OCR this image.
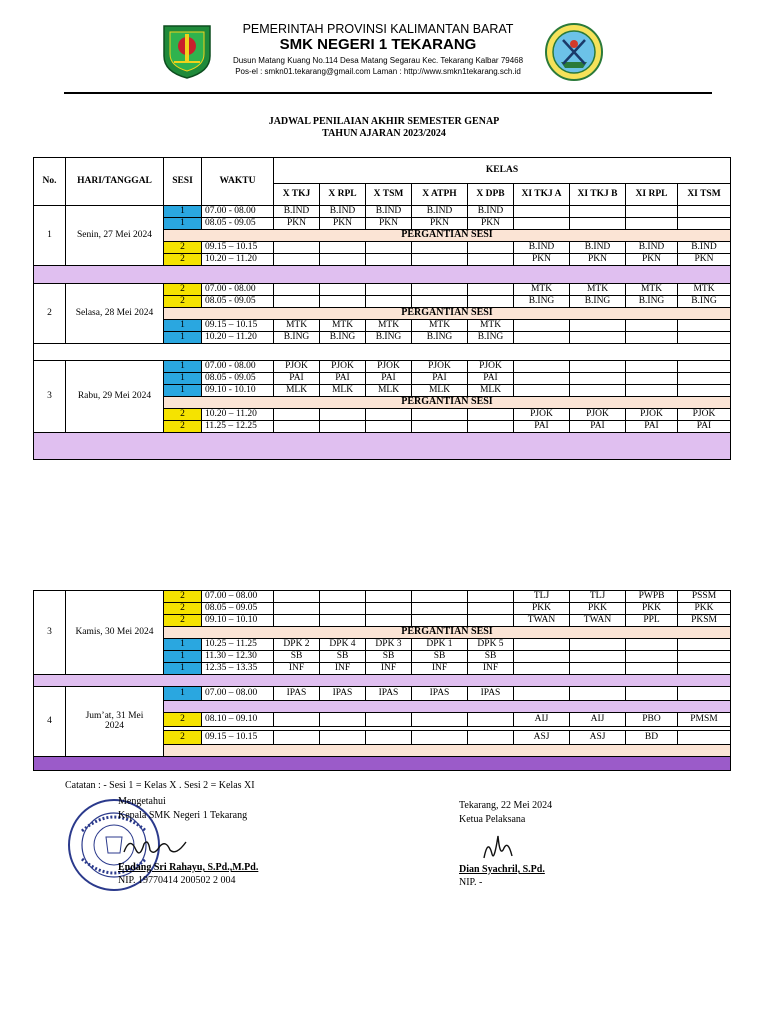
PEMERINTAH PROVINSI KALIMANTAN BARAT
SMK NEGERI 1 TEKARANG
Dusun Matang Kuang No.114 Desa Matang Segarau Kec. Tekarang Kalbar 79468
Pos-el : smkn01.tekarang@gmail.com Laman : http://www.smkn1tekarang.sch.id
JADWAL PENILAIAN AKHIR SEMESTER GENAP
TAHUN AJARAN 2023/2024
No.	HARI/TANGGAL	SESI	WAKTU	KELAS								
				X TKJ	X RPL	X TSM	X ATPH	X DPB	XI TKJ A	XI TKJ B	XI RPL	XI TSM
1	Senin, 27 Mei 2024	1	07.00 - 08.00	B.IND	B.IND	B.IND	B.IND	B.IND				
		1	08.05 - 09.05	PKN	PKN	PKN	PKN	PKN				
		PERGANTIAN SESI										
		2	09.15 – 10.15						B.IND	B.IND	B.IND	B.IND
		2	10.20 – 11.20						PKN	PKN	PKN	PKN

2	Selasa, 28 Mei 2024	2	07.00 - 08.00						MTK	MTK	MTK	MTK
		2	08.05 - 09.05						B.ING	B.ING	B.ING	B.ING
		PERGANTIAN SESI										
		1	09.15 – 10.15	MTK	MTK	MTK	MTK	MTK				
		1	10.20 – 11.20	B.ING	B.ING	B.ING	B.ING	B.ING				

3	Rabu, 29 Mei 2024	1	07.00 - 08.00	PJOK	PJOK	PJOK	PJOK	PJOK				
		1	08.05 - 09.05	PAI	PAI	PAI	PAI	PAI				
		1	09.10 - 10.10	MLK	MLK	MLK	MLK	MLK				
		PERGANTIAN SESI										
		2	10.20 – 11.20						PJOK	PJOK	PJOK	PJOK
		2	11.25 – 12.25						PAI	PAI	PAI	PAI

3	Kamis, 30 Mei 2024	2	07.00 – 08.00						TLJ	TLJ	PWPB	PSSM
		2	08.05 – 09.05						PKK	PKK	PKK	PKK
		2	09.10 – 10.10						TWAN	TWAN	PPL	PKSM
		PERGANTIAN SESI										
		1	10.25 – 11.25	DPK 2	DPK 4	DPK 3	DPK 1	DPK 5				
		1	11.30 – 12.30	SB	SB	SB	SB	SB				
		1	12.35 – 13.35	INF	INF	INF	INF	INF				

4	Jum’at, 31 Mei 2024	1	07.00 – 08.00	IPAS	IPAS	IPAS	IPAS	IPAS				

		2	08.10 – 09.10						AIJ	AIJ	PBO	PMSM

		2	09.15 – 10.15						ASJ	ASJ	BD	

Catatan : - Sesi 1 = Kelas X . Sesi 2 = Kelas XI
Mengetahui
Kepala SMK Negeri 1 Tekarang
Endang Sri Rahayu, S.Pd.,M.Pd.
NIP. 19770414 200502 2 004
Tekarang, 22 Mei 2024
Ketua Pelaksana
Dian Syachril, S.Pd.
NIP. -
